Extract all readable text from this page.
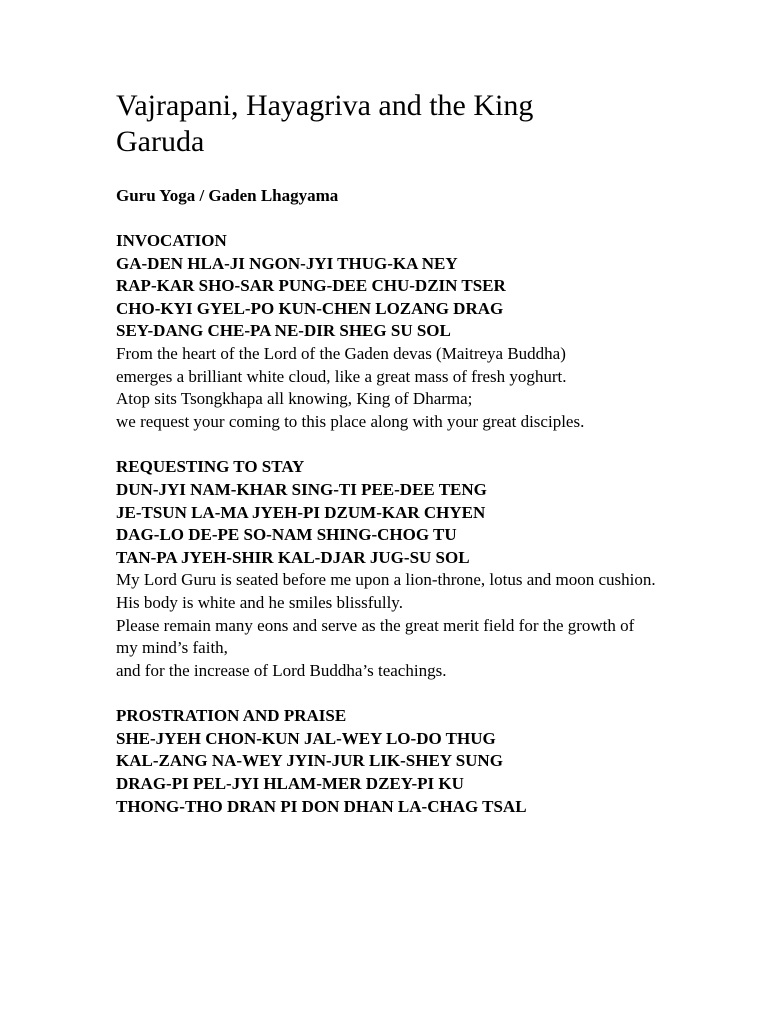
Vajrapani, Hayagriva and the King Garuda
Guru Yoga / Gaden Lhagyama
INVOCATION
GA-DEN HLA-JI NGON-JYI THUG-KA NEY
RAP-KAR SHO-SAR PUNG-DEE CHU-DZIN TSER
CHO-KYI GYEL-PO KUN-CHEN LOZANG DRAG
SEY-DANG CHE-PA NE-DIR SHEG SU SOL
From the heart of the Lord of the Gaden devas (Maitreya Buddha)
emerges a brilliant white cloud, like a great mass of fresh yoghurt.
Atop sits Tsongkhapa all knowing, King of Dharma;
we request your coming to this place along with your great disciples.
REQUESTING TO STAY
DUN-JYI NAM-KHAR SING-TI PEE-DEE TENG
JE-TSUN LA-MA JYEH-PI DZUM-KAR CHYEN
DAG-LO DE-PE SO-NAM SHING-CHOG TU
TAN-PA JYEH-SHIR KAL-DJAR JUG-SU SOL
My Lord Guru is seated before me upon a lion-throne, lotus and moon cushion.
His body is white and he smiles blissfully.
Please remain many eons and serve as the great merit field for the growth of my mind’s faith,
and for the increase of Lord Buddha’s teachings.
PROSTRATION AND PRAISE
SHE-JYEH CHON-KUN JAL-WEY LO-DO THUG
KAL-ZANG NA-WEY JYIN-JUR LIK-SHEY SUNG
DRAG-PI PEL-JYI HLAM-MER DZEY-PI KU
THONG-THO DRAN PI DON DHAN LA-CHAG TSAL
